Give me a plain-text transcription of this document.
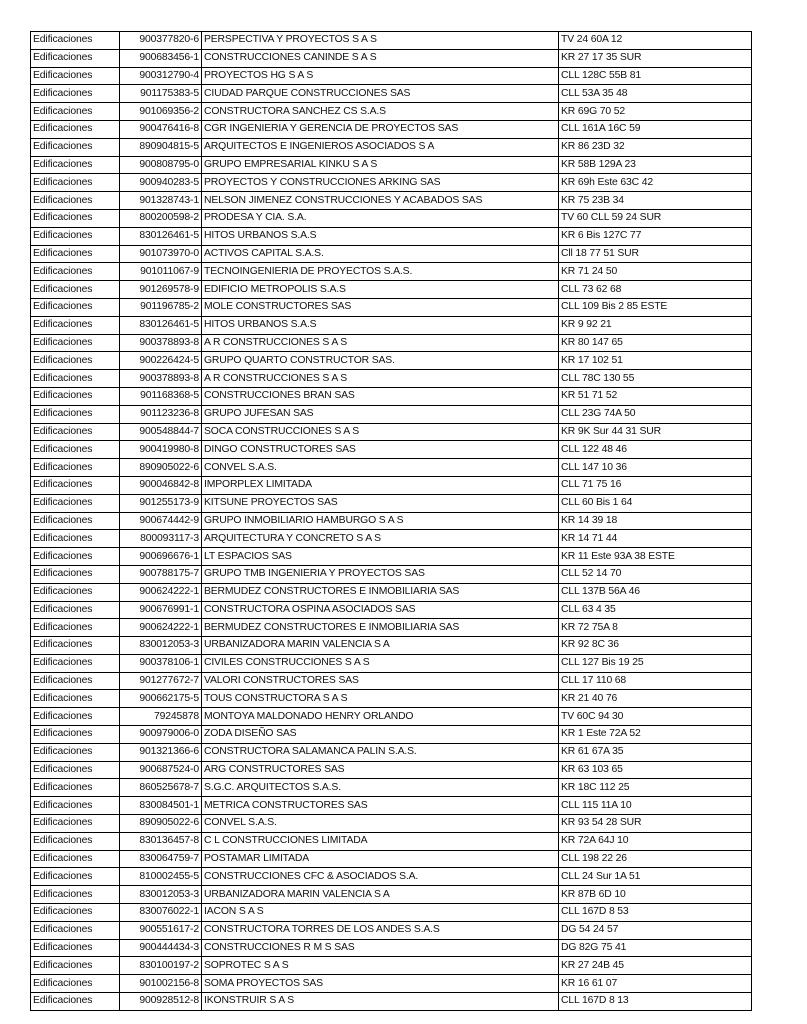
Edificaciones	900377820-6	PERSPECTIVA Y PROYECTOS S A S	TV 24 60A 12
Edificaciones	900683456-1	CONSTRUCCIONES CANINDE S A S	KR 27 17 35 SUR
Edificaciones	900312790-4	PROYECTOS HG S A S	CLL 128C 55B 81
Edificaciones	901175383-5	CIUDAD PARQUE CONSTRUCCIONES SAS	CLL 53A 35 48
Edificaciones	901069356-2	CONSTRUCTORA SANCHEZ CS S.A.S	KR 69G 70 52
Edificaciones	900476416-8	CGR INGENIERIA Y GERENCIA DE PROYECTOS SAS	CLL 161A 16C 59
Edificaciones	890904815-5	ARQUITECTOS E INGENIEROS ASOCIADOS S A	KR 86 23D 32
Edificaciones	900808795-0	GRUPO EMPRESARIAL KINKU S A S	KR 58B 129A 23
Edificaciones	900940283-5	PROYECTOS Y CONSTRUCCIONES ARKING SAS	KR 69h Este 63C 42
Edificaciones	901328743-1	NELSON JIMENEZ CONSTRUCCIONES Y ACABADOS SAS	KR 75 23B 34
Edificaciones	800200598-2	PRODESA Y CIA. S.A.	TV 60 CLL 59 24 SUR
Edificaciones	830126461-5	HITOS URBANOS S.A.S	KR 6 Bis 127C 77
Edificaciones	901073970-0	ACTIVOS CAPITAL S.A.S.	Cll 18 77 51 SUR
Edificaciones	901011067-9	TECNOINGENIERIA DE PROYECTOS S.A.S.	KR 71 24 50
Edificaciones	901269578-9	EDIFICIO METROPOLIS S.A.S	CLL 73 62 68
Edificaciones	901196785-2	MOLE CONSTRUCTORES SAS	CLL 109 Bis 2 85 ESTE
Edificaciones	830126461-5	HITOS URBANOS S.A.S	KR 9 92 21
Edificaciones	900378893-8	A R CONSTRUCCIONES S A S	KR 80 147 65
Edificaciones	900226424-5	GRUPO QUARTO CONSTRUCTOR SAS.	KR 17 102 51
Edificaciones	900378893-8	A R CONSTRUCCIONES S A S	CLL 78C 130 55
Edificaciones	901168368-5	CONSTRUCCIONES BRAN SAS	KR 51 71 52
Edificaciones	901123236-8	GRUPO JUFESAN SAS	CLL 23G 74A 50
Edificaciones	900548844-7	SOCA CONSTRUCCIONES S A S	KR 9K Sur 44 31 SUR
Edificaciones	900419980-8	DINGO CONSTRUCTORES SAS	CLL 122 48 46
Edificaciones	890905022-6	CONVEL S.A.S.	CLL 147 10 36
Edificaciones	900046842-8	IMPORPLEX LIMITADA	CLL 71 75 16
Edificaciones	901255173-9	KITSUNE PROYECTOS SAS	CLL 60 Bis 1 64
Edificaciones	900674442-9	GRUPO INMOBILIARIO HAMBURGO S A S	KR 14 39 18
Edificaciones	800093117-3	ARQUITECTURA Y CONCRETO S A S	KR 14 71 44
Edificaciones	900696676-1	LT ESPACIOS SAS	KR 11 Este 93A 38 ESTE
Edificaciones	900788175-7	GRUPO TMB INGENIERIA Y PROYECTOS SAS	CLL 52 14 70
Edificaciones	900624222-1	BERMUDEZ CONSTRUCTORES E INMOBILIARIA SAS	CLL 137B 56A 46
Edificaciones	900676991-1	CONSTRUCTORA OSPINA ASOCIADOS SAS	CLL 63 4 35
Edificaciones	900624222-1	BERMUDEZ CONSTRUCTORES E INMOBILIARIA SAS	KR 72 75A 8
Edificaciones	830012053-3	URBANIZADORA MARIN VALENCIA S A	KR 92 8C 36
Edificaciones	900378106-1	CIVILES CONSTRUCCIONES S A S	CLL 127 Bis 19 25
Edificaciones	901277672-7	VALORI CONSTRUCTORES SAS	CLL 17 110 68
Edificaciones	900662175-5	TOUS CONSTRUCTORA S A S	KR 21 40 76
Edificaciones	79245878	MONTOYA MALDONADO HENRY ORLANDO	TV 60C 94 30
Edificaciones	900979006-0	ZODA DISEÑO SAS	KR 1 Este 72A 52
Edificaciones	901321366-6	CONSTRUCTORA SALAMANCA PALIN S.A.S.	KR 61 67A 35
Edificaciones	900687524-0	ARG CONSTRUCTORES SAS	KR 63 103 65
Edificaciones	860525678-7	S.G.C. ARQUITECTOS S.A.S.	KR 18C 112 25
Edificaciones	830084501-1	METRICA CONSTRUCTORES SAS	CLL 115 11A 10
Edificaciones	890905022-6	CONVEL S.A.S.	KR 93 54 28 SUR
Edificaciones	830136457-8	C L CONSTRUCCIONES LIMITADA	KR 72A 64J 10
Edificaciones	830064759-7	POSTAMAR LIMITADA	CLL 198 22 26
Edificaciones	810002455-5	CONSTRUCCIONES CFC & ASOCIADOS S.A.	CLL 24 Sur 1A 51
Edificaciones	830012053-3	URBANIZADORA MARIN VALENCIA S A	KR 87B 6D 10
Edificaciones	830076022-1	IACON S A S	CLL 167D 8 53
Edificaciones	900551617-2	CONSTRUCTORA TORRES DE LOS ANDES S.A.S	DG 54 24 57
Edificaciones	900444434-3	CONSTRUCCIONES R M S SAS	DG 82G 75 41
Edificaciones	830100197-2	SOPROTEC S A S	KR 27 24B 45
Edificaciones	901002156-8	SOMA PROYECTOS SAS	KR 16 61 07
Edificaciones	900928512-8	IKONSTRUIR S A S	CLL 167D 8 13
